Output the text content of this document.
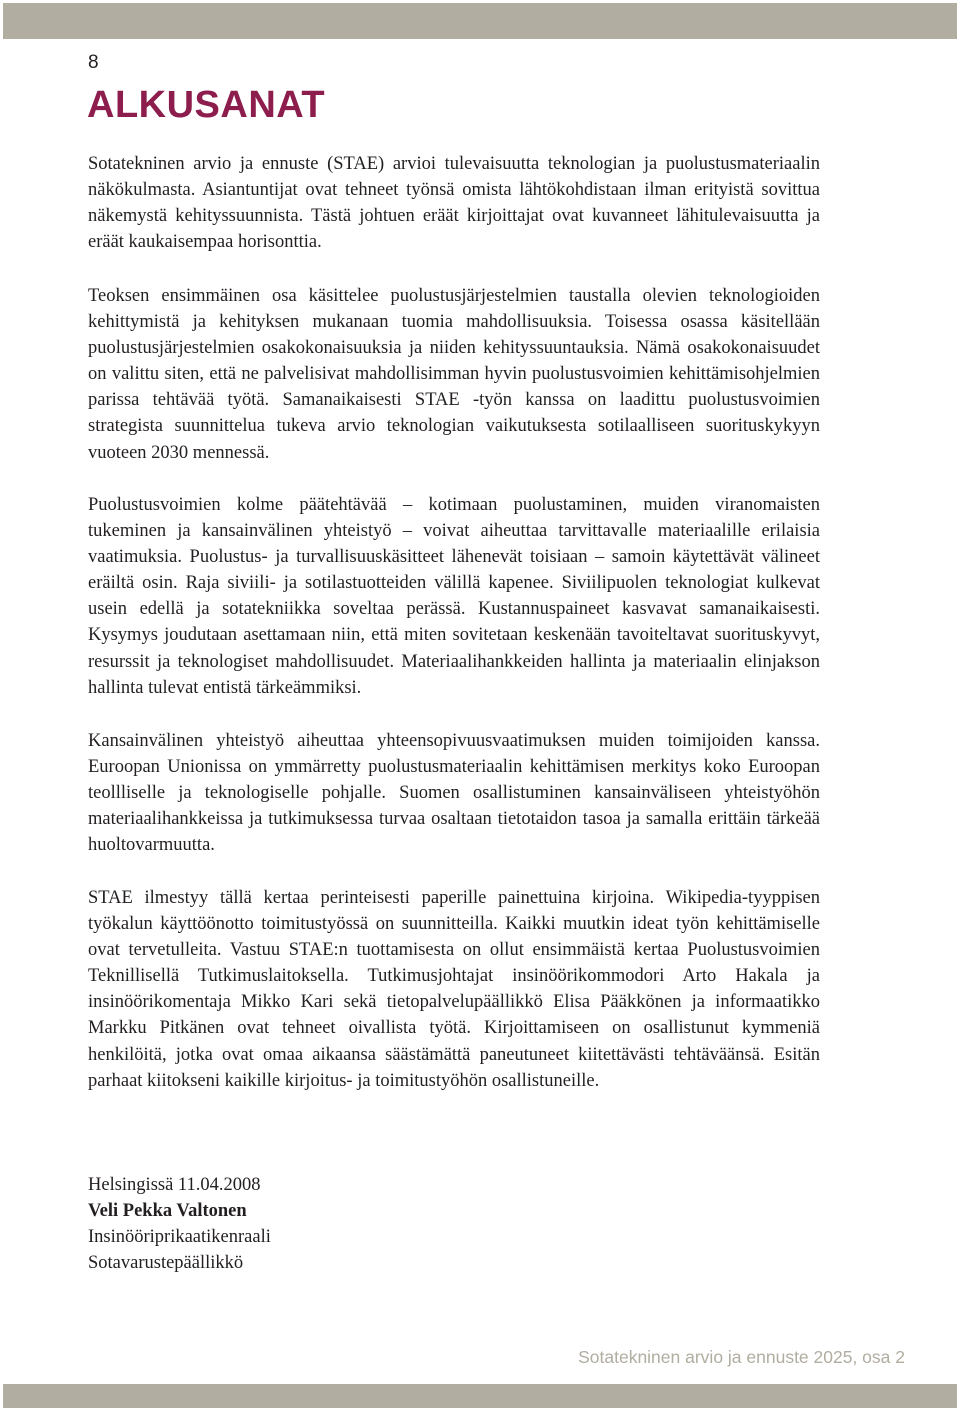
8
ALKUSANAT

Sotatekninen arvio ja ennuste (STAE) arvioi tulevaisuutta teknologian ja puolustusmateriaalin näkökulmasta. Asiantuntijat ovat tehneet työnsä omista lähtökohdistaan ilman erityistä sovittua näkemystä kehityssuunnista. Tästä johtuen eräät kirjoittajat ovat kuvanneet lähitulevaisuutta ja eräät kaukaisempaa horisonttia.

Teoksen ensimmäinen osa käsittelee puolustusjärjestelmien taustalla olevien teknologioiden kehittymistä ja kehityksen mukanaan tuomia mahdollisuuksia. Toisessa osassa käsitellään puolustusjärjestelmien osakokonaisuuksia ja niiden kehityssuuntauksia. Nämä osakokonaisuudet on valittu siten, että ne palvelisivat mahdollisimman hyvin puolustusvoimien kehittämisohjelmien parissa tehtävää työtä. Samanaikaisesti STAE -työn kanssa on laadittu puolustusvoimien strategista suunnittelua tukeva arvio teknologian vaikutuksesta sotilaalliseen suorituskykyyn vuoteen 2030 mennessä.

Puolustusvoimien kolme päätehtävää – kotimaan puolustaminen, muiden viranomaisten tukeminen ja kansainvälinen yhteistyö – voivat aiheuttaa tarvittavalle materiaalille erilaisia vaatimuksia. Puolustus- ja turvallisuuskäsitteet lähenevät toisiaan – samoin käytettävät välineet eräiltä osin. Raja siviili- ja sotilastuotteiden välillä kapenee. Siviilipuolen teknologiat kulkevat usein edellä ja sotatekniikka soveltaa perässä. Kustannuspaineet kasvavat samanaikaisesti. Kysymys joudutaan asettamaan niin, että miten sovitetaan keskenään tavoiteltavat suorituskyvyt, resurssit ja teknologiset mahdollisuudet. Materiaalihankkeiden hallinta ja materiaalin elinjakson hallinta tulevat entistä tärkeämmiksi.

Kansainvälinen yhteistyö aiheuttaa yhteensopivuusvaatimuksen muiden toimijoiden kanssa. Euroopan Unionissa on ymmärretty puolustusmateriaalin kehittämisen merkitys koko Euroopan teollliselle ja teknologiselle pohjalle. Suomen osallistuminen kansainväliseen yhteistyöhön materiaalihankkeissa ja tutkimuksessa turvaa osaltaan tietotaidon tasoa ja samalla erittäin tärkeää huoltovarmuutta.

STAE ilmestyy tällä kertaa perinteisesti paperille painettuina kirjoina. Wikipedia-tyyppisen työkalun käyttöönotto toimitustyössä on suunnitteilla. Kaikki muutkin ideat työn kehittämiselle ovat tervetulleita. Vastuu STAE:n tuottamisesta on ollut ensimmäistä kertaa Puolustusvoimien Teknillisellä Tutkimuslaitoksella. Tutkimusjohtajat insinöörikommodori Arto Hakala ja insinöörikomentaja Mikko Kari sekä tietopalvelupäällikkö Elisa Pääkkönen ja informaatikko Markku Pitkänen ovat tehneet oivallista työtä. Kirjoittamiseen on osallistunut kymmeniä henkilöitä, jotka ovat omaa aikaansa säästämättä paneutuneet kiitettävästi tehtäväänsä. Esitän parhaat kiitokseni kaikille kirjoitus- ja toimitustyöhön osallistuneille.

Helsingissä 11.04.2008
Veli Pekka Valtonen
Insinööriprikaatikenraali
Sotavarustepäällikkö
Sotatekninen arvio ja ennuste 2025, osa 2
